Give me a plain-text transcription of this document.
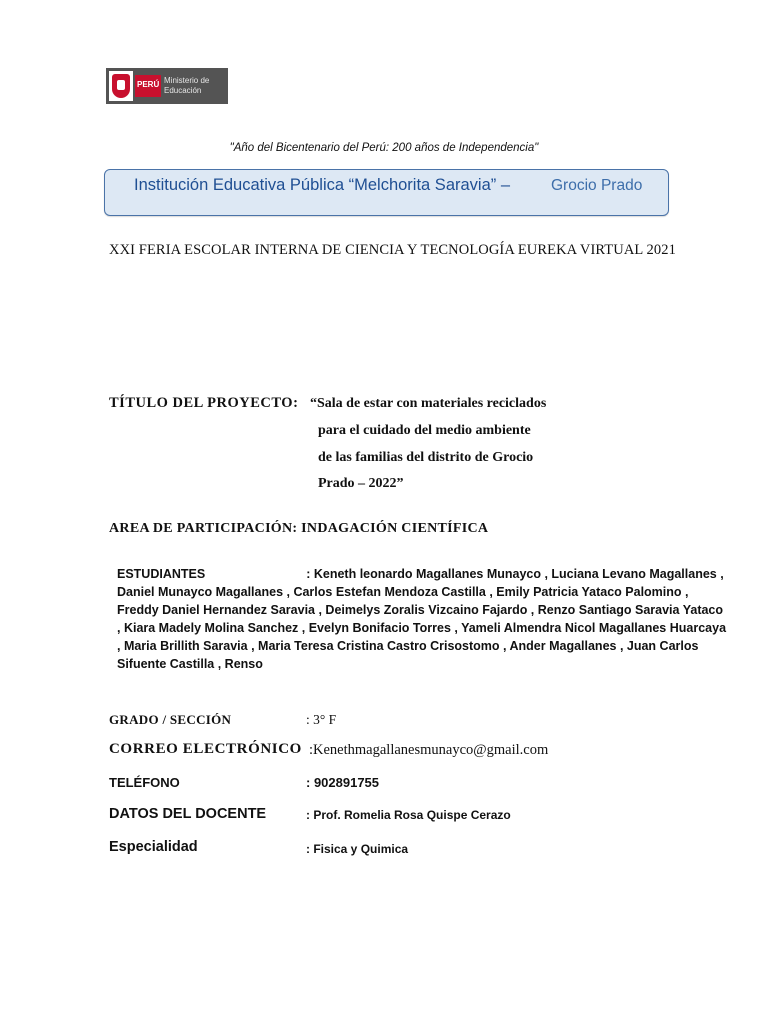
PERÚ Ministerio de Educación
"Año del Bicentenario del Perú: 200 años de Independencia"
Institución Educativa Pública “Melchorita Saravia” –	Grocio Prado
XXI FERIA ESCOLAR INTERNA DE CIENCIA Y TECNOLOGÍA EUREKA VIRTUAL 2021
TÍTULO DEL PROYECTO: “Sala de estar con materiales reciclados
para el cuidado del medio ambiente
de las familias del distrito de Grocio
Prado – 2022”
AREA DE PARTICIPACIÓN: INDAGACIÓN CIENTÍFICA
ESTUDIANTES	: Keneth leonardo Magallanes Munayco , Luciana Levano Magallanes , Daniel Munayco Magallanes , Carlos Estefan Mendoza Castilla , Emily Patricia Yataco Palomino , Freddy Daniel Hernandez Saravia , Deimelys Zoralis Vizcaino Fajardo , Renzo Santiago Saravia Yataco , Kiara Madely Molina Sanchez , Evelyn Bonifacio Torres , Yameli Almendra Nicol Magallanes Huarcaya , Maria Brillith Saravia , Maria Teresa Cristina Castro Crisostomo , Ander Magallanes , Juan Carlos Sifuente Castilla , Renso
GRADO / SECCIÓN	: 3° F
CORREO ELECTRÓNICO :Kenethmagallanesmunayco@gmail.com
TELÉFONO	: 902891755
DATOS DEL DOCENTE	: Prof. Romelia Rosa Quispe Cerazo
Especialidad	: Fisica y Quimica
